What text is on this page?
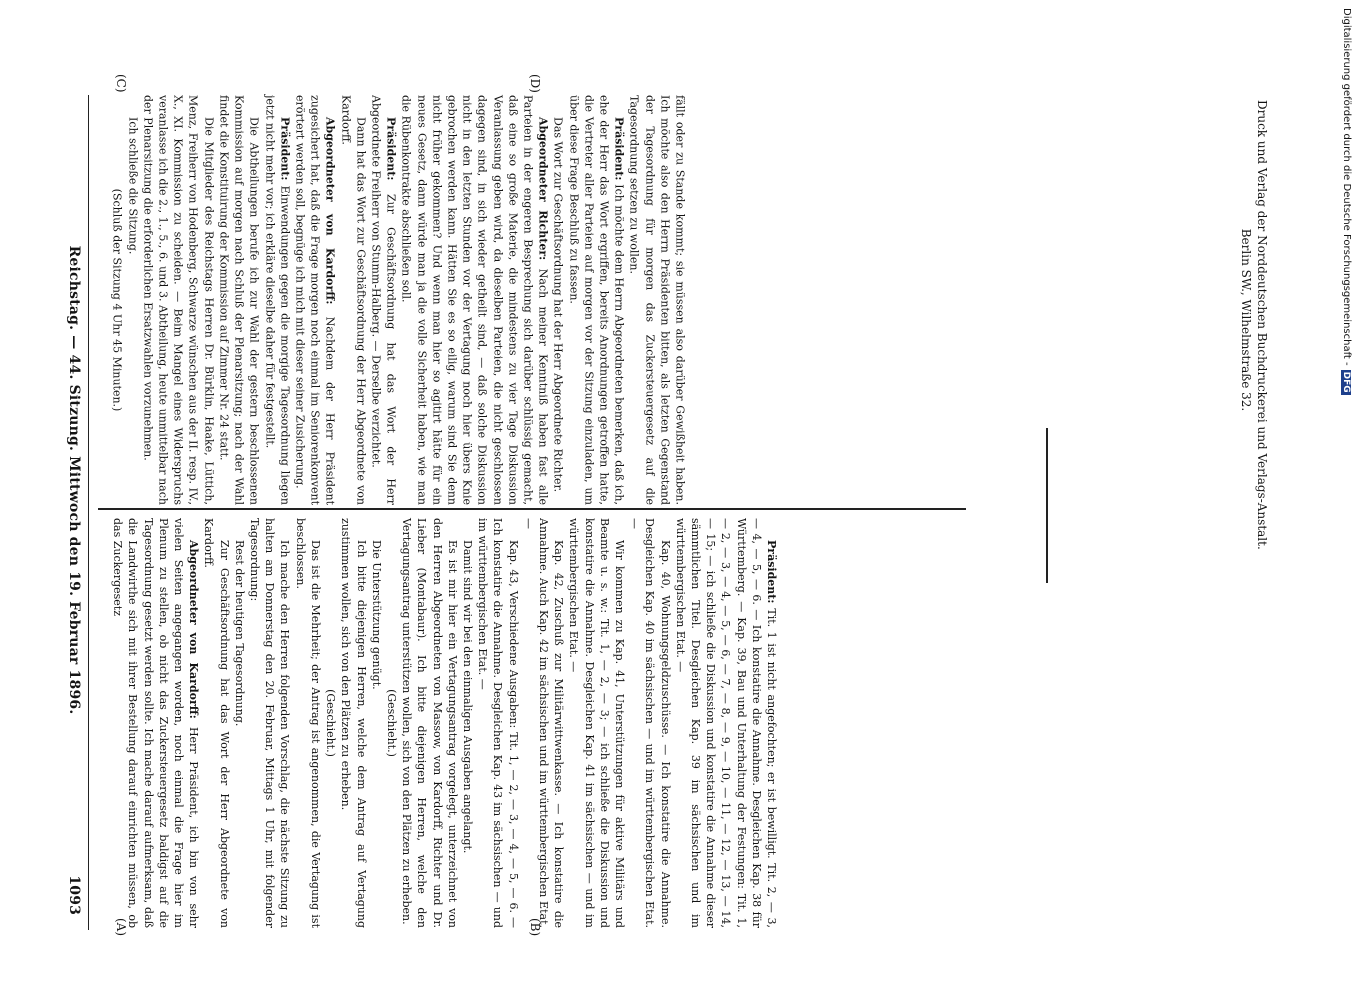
Reichstag. — 44. Sitzung. Mittwoch den 19. Februar 1896. 1093
(A)	(B)
(C)	(D)

Präsident: Tit. 1 ist nicht angefochten; er ist bewilligt. Tit. 2, — 3, — 4, — 5, — 6. — Ich konstatire die Annahme. Desgleichen Kap. 38 für Württemberg. — Kap. 39, Bau und Unterhaltung der Festungen: Tit. 1, — 2, — 3, — 4, — 5, — 6, — 7, — 8, — 9, — 10, — 11, — 12, — 13, — 14, — 15; — ich schließe die Diskussion und konstatire die Annahme dieser sämmtlichen Titel. Desgleichen Kap. 39 im sächsischen und im württembergischen Etat. —

Kap. 40, Wohnungsgeldzuschüsse. — Ich konstatire die Annahme. Desgleichen Kap. 40 im sächsischen — und im württembergischen Etat. —

Wir kommen zu Kap. 41, Unterstützungen für aktive Militärs und Beamte u. s. w.: Tit. 1, — 2, — 3; — ich schließe die Diskussion und konstatire die Annahme. Desgleichen Kap. 41 im sächsischen — und im württembergischen Etat. —

Kap. 42, Zuschuß zur Militärwittwenkasse. — Ich konstatire die Annahme. Auch Kap. 42 im sächsischen und im württembergischen Etat. —

Kap. 43, Verschiedene Ausgaben: Tit. 1, — 2, — 3, — 4, — 5, — 6. — Ich konstatire die Annahme. Desgleichen Kap. 43 im sächsischen — und im württembergischen Etat. —

Damit sind wir bei den einmaligen Ausgaben angelangt.

Es ist mir hier ein Vertagungsantrag vorgelegt, unterzeichnet von den Herren Abgeordneten von Massow, von Kardorff, Richter und Dr. Lieber (Montabaur). Ich bitte diejenigen Herren, welche den Vertagungsantrag unterstützen wollen, sich von den Plätzen zu erheben.

(Geschieht.)

Die Unterstützung genügt.

Ich bitte diejenigen Herren, welche dem Antrag auf Vertagung zustimmen wollen, sich von den Plätzen zu erheben.

(Geschieht.)

Das ist die Mehrheit; der Antrag ist angenommen, die Vertagung ist beschlossen.

Ich mache den Herren folgenden Vorschlag, die nächste Sitzung zu halten am Donnerstag den 20. Februar, Mittags 1 Uhr, mit folgender Tagesordnung:

Rest der heutigen Tagesordnung.

Zur Geschäftsordnung hat das Wort der Herr Abgeordnete von Kardorff.

Abgeordneter von Kardorff: Herr Präsident, ich bin von sehr vielen Seiten angegangen worden, noch einmal die Frage hier im Plenum zu stellen, ob nicht das Zuckersteuergesetz baldigst auf die Tagesordnung gesetzt werden sollte. Ich mache darauf aufmerksam, daß die Landwirthe sich mit ihrer Bestellung darauf einrichten müssen, ob das Zuckergesetz

fällt oder zu Stande kommt; sie müssen also darüber Gewißheit haben. Ich möchte also den Herrn Präsidenten bitten, als letzten Gegenstand der Tagesordnung für morgen das Zuckersteuergesetz auf die Tagesordnung setzen zu wollen.

Präsident: Ich möchte dem Herrn Abgeordneten bemerken, daß ich, ehe der Herr das Wort ergriffen, bereits Anordnungen getroffen hatte, die Vertreter aller Parteien auf morgen vor der Sitzung einzuladen, um über diese Frage Beschluß zu fassen.

Das Wort zur Geschäftsordnung hat der Herr Abgeordnete Richter.

Abgeordneter Richter: Nach meiner Kenntniß haben fast alle Parteien in der engeren Besprechung sich darüber schlüssig gemacht, daß eine so große Materie, die mindestens zu vier Tage Diskussion Veranlassung geben wird, da dieselben Parteien, die nicht geschlossen dagegen sind, in sich wieder getheilt sind, — daß solche Diskussion nicht in den letzten Stunden vor der Vertagung noch hier übers Knie gebrochen werden kann. Hätten Sie es so eilig, warum sind Sie denn nicht früher gekommen? Und wenn man hier so agitirt hätte für ein neues Gesetz, dann würde man ja die volle Sicherheit haben, wie man die Rübenkontrakte abschließen soll.

Präsident: Zur Geschäftsordnung hat das Wort der Herr Abgeordnete Freiherr von Stumm-Halberg. — Derselbe verzichtet.

Dann hat das Wort zur Geschäftsordnung der Herr Abgeordnete von Kardorff.

Abgeordneter von Kardorff: Nachdem der Herr Präsident zugesichert hat, daß die Frage morgen noch einmal im Seniorenkonvent erörtert werden soll, begnüge ich mich mit dieser seiner Zusicherung.

Präsident: Einwendungen gegen die morgige Tagesordnung liegen jetzt nicht mehr vor; ich erkläre dieselbe daher für festgestellt.

Die Abtheilungen berufe ich zur Wahl der gestern beschlossenen Kommission auf morgen nach Schluß der Plenarsitzung; nach der Wahl findet die Konstituirung der Kommission auf Zimmer Nr. 24 statt.

Die Mitglieder des Reichstags Herren Dr. Bürklin, Haake, Lüttich, Menz, Freiherr von Hodenberg, Schwarze wünschen aus der II. resp. IV., X., XI. Kommission zu scheiden. — Beim Mangel eines Widerspruchs veranlasse ich die 2., 1., 5., 6. und 3. Abtheilung, heute unmittelbar nach der Plenarsitzung die erforderlichen Ersatzwahlen vorzunehmen.

Ich schließe die Sitzung.

(Schluß der Sitzung 4 Uhr 45 Minuten.)	Druck und Verlag der Norddeutschen Buchdruckerei und Verlags-Anstalt.
Berlin SW., Wilhelmstraße 32.	Digitalisierung gefördert durch die Deutsche Forschungsgemeinschaft -DFG
